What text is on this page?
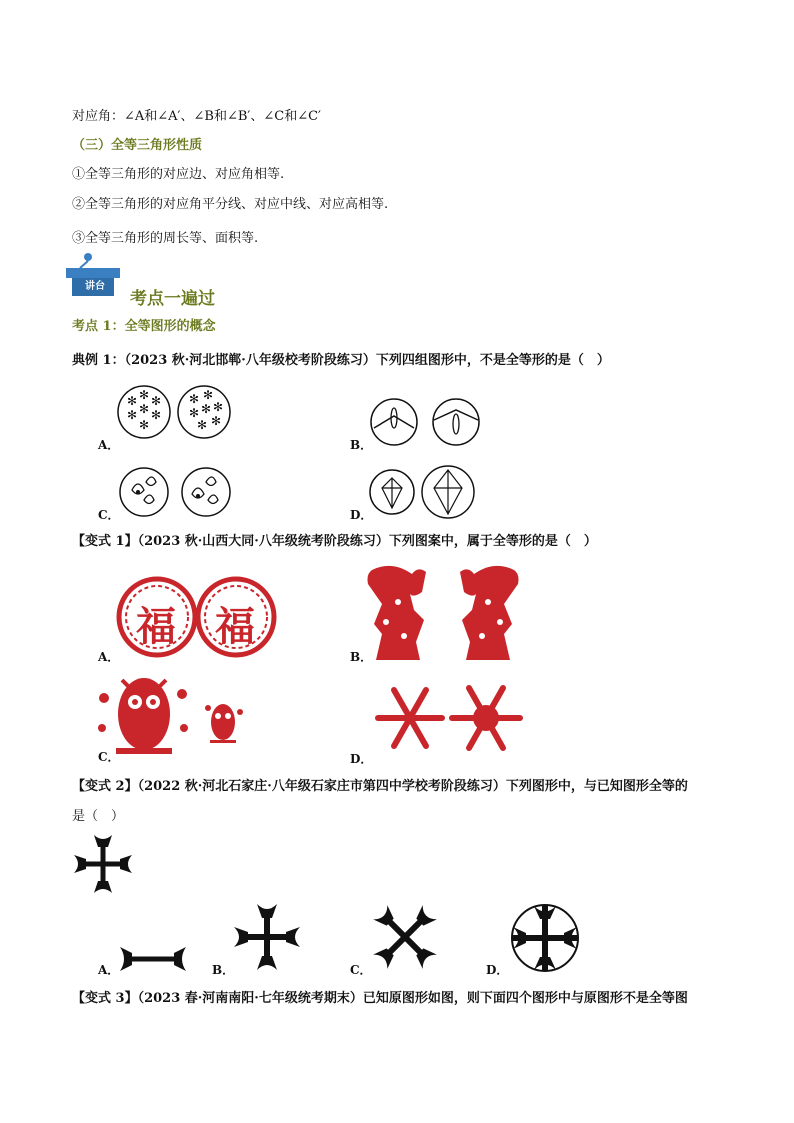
对应角：∠A和∠A′、∠B和∠B′、∠C和∠C′
（三）全等三角形性质
①全等三角形的对应边、对应角相等.
②全等三角形的对应角平分线、对应中线、对应高相等.
③全等三角形的周长等、面积等.
讲台
考点一遍过
考点 1：全等图形的概念
典例 1：（2023 秋·河北邯郸·八年级校考阶段练习）下列四组图形中，不是全等形的是（　）
✻ ✻ ✻
✻ ✻ ✻
✻
✻ ✻
✻
✻ ✻
✻
✻
A．	B．
C．	D．
【变式 1】（2023 秋·山西大同·八年级统考阶段练习）下列图案中，属于全等形的是（　）
福 福
A．	B．
C．	D．
【变式 2】（2022 秋·河北石家庄·八年级石家庄市第四中学校考阶段练习）下列图形中，与已知图形全等的
是（　）
A．	B．	C．	D．
【变式 3】（2023 春·河南南阳·七年级统考期末）已知原图形如图，则下面四个图形中与原图形不是全等图
